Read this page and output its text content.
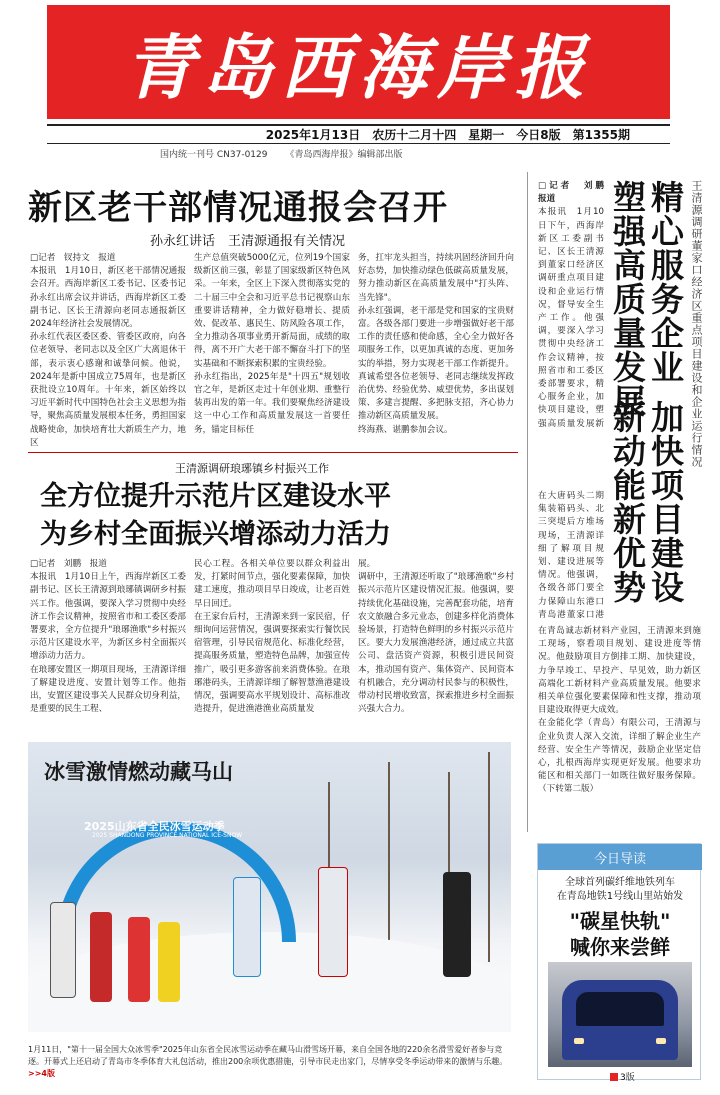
青岛西海岸报
2025年1月13日 农历十二月十四 星期一 今日8版 第1355期
国内统一刊号 CN37-0129 《青岛西海岸报》编辑部出版
新区老干部情况通报会召开
孙永红讲话　王清源通报有关情况
□记者　钗持文　报道
本报讯　1月10日，新区老干部情况通报会召开。西海岸新区工委书记、区委书记孙永红出席会议并讲话，西海岸新区工委副书记、区长王清源向老同志通报新区2024年经济社会发展情况。
孙永红代表区委区委、管委区政府，向各位老领导、老同志以及全区广大离退休干部，表示衷心感谢和诚挚问候。他说，2024年是新中国成立75周年，也是新区获批设立10周年。十年来，新区始终以习近平新时代中国特色社会主义思想为指导，聚焦高质量发展根本任务，勇担国家战略使命，加快培育壮大新质生产力，地区
生产总值突破5000亿元，位列19个国家级新区前三强，彰显了国家级新区特色风采。一年来，全区上下深入贯彻落实党的二十届三中全会和习近平总书记视察山东重要讲话精神，全力做好稳增长、提质效、促改革、惠民生、防风险各项工作，全力推动各项事业勇开新局面，成绩的取得，离不开广大老干部不懈奋斗打下的坚实基础和不断探索积累的宝贵经验。
孙永红指出，2025年是"十四五"规划收官之年，是新区走过十年创业期、重整行装再出发的第一年。我们要聚焦经济建设这一中心工作和高质量发展这一首要任务，锚定目标任
务，扛牢龙头担当，持续巩固经济回升向好态势，加快推动绿色低碳高质量发展，努力推动新区在高质量发展中"打头阵、当先锋"。
孙永红强调，老干部是党和国家的宝贵财富。各级各部门要进一步增强做好老干部工作的责任感和使命感，全心全力做好各项服务工作，以更加真诚的态度、更加务实的举措，努力实现老干部工作新提升。真诚希望各位老领导、老同志继续发挥政治优势、经验优势、威望优势，多出谋划策、多建言提醒、多把脉支招，齐心协力推动新区高质量发展。
终海燕、谌鹏参加会议。
王清源调研琅琊镇乡村振兴工作
全方位提升示范片区建设水平
为乡村全面振兴增添动力活力
□记者　刘鹏　报道
本报讯　1月10日上午，西海岸新区工委副书记、区长王清源到琅琊镇调研乡村振兴工作。他强调，要深入学习贯彻中央经济工作会议精神，按照省市和工委区委部署要求，全方位提升"琅琊渔歌"乡村振兴示范片区建设水平，为新区乡村全面振兴增添动力活力。
在琅琊安置区一期项目现场，王清源详细了解建设进度、安置计划等工作。他指出，安置区建设事关人民群众切身利益，是重要的民生工程、
民心工程。各相关单位要以群众利益出发，打紧时间节点，强化要素保障，加快建工速度，推动项目早日竣成，让老百姓早日回迁。
在王家台后村，王清源来到一家民宿，仔细询问运营情况，强调要探索实行餐饮民宿管理，引导民宿规范化、标准化经营，提高服务质量，塑造特色品牌，加强宣传推广，吸引更多游客前来消费体验。在琅琊港码头，王清源详细了解智慧渔港建设情况，强调要高水平规划设计、高标准改造提升，促进渔港渔业高质量发
展。
调研中，王清源还听取了"琅琊渔歌"乡村振兴示范片区建设情况汇报。他强调，要持续优化基础设施，完善配套功能，培育农文旅融合多元业态，创建多样化消费体验场景，打造特色鲜明的乡村振兴示范片区。要大力发展渔港经济，通过成立共富公司、盘活资产资源，积极引进民间资本，推动国有资产、集体资产、民间资本有机融合，充分调动村民参与的积极性，带动村民增收致富，探索推进乡村全面振兴强大合力。
王清源调研董家口经济区重点项目建设和企业运行情况
精心服务企业
加快项目建设
塑强高质量发展
新动能新优势
□记者　刘鹏　报道
本报讯　1月10日下午，西海岸新区工委副书记、区长王清源到董家口经济区调研重点项目建设和企业运行情况，督导安全生产工作。他强调，要深入学习贯彻中央经济工作会议精神，按照省市和工委区委部署要求，精心服务企业，加快项目建设，塑强高质量发展新
在大唐码头二期集装箱码头、北三突堤后方堆场现场，王清源详细了解项目规划、建设进展等情况。他强调，各级各部门要全力保障山东港口青岛港董家口港
在青岛诚志新材料产业园，王清源来到施工现场，察看项目规划、建设进度等情况。他鼓励项目方倒排工期、加快建设，力争早竣工、早投产、早见效，助力新区高端化工新材料产业高质量发展。他要求相关单位强化要素保障和性支撑，推动项目建设取得更大成效。
在金能化学（青岛）有限公司，王清源与企业负责人深入交流，详细了解企业生产经营、安全生产等情况，鼓励企业坚定信心，扎根西海岸实现更好发展。他要求功能区和相关部门一如既往做好服务保障。（下转第二版）
2025山东省全民冰雪运动季
2025 SHANDONG PROVINCE NATIONAL ICE-SNOW
冰雪激情燃动藏马山
1月11日，"第十一届全国大众冰雪季"2025年山东省全民冰雪运动季在藏马山滑雪场开幕，来自全国各地的220余名滑雪爱好者参与竞逐。开幕式上还启动了青岛市冬季体育大礼包活动，推出200余项优惠措施，引导市民走出家门，尽情享受冬季运动带来的激情与乐趣。 >>4版
今日导读
全球首列碳纤维地铁列车
在青岛地铁1号线山里站始发
"碳星快轨"
喊你来尝鲜
3版
